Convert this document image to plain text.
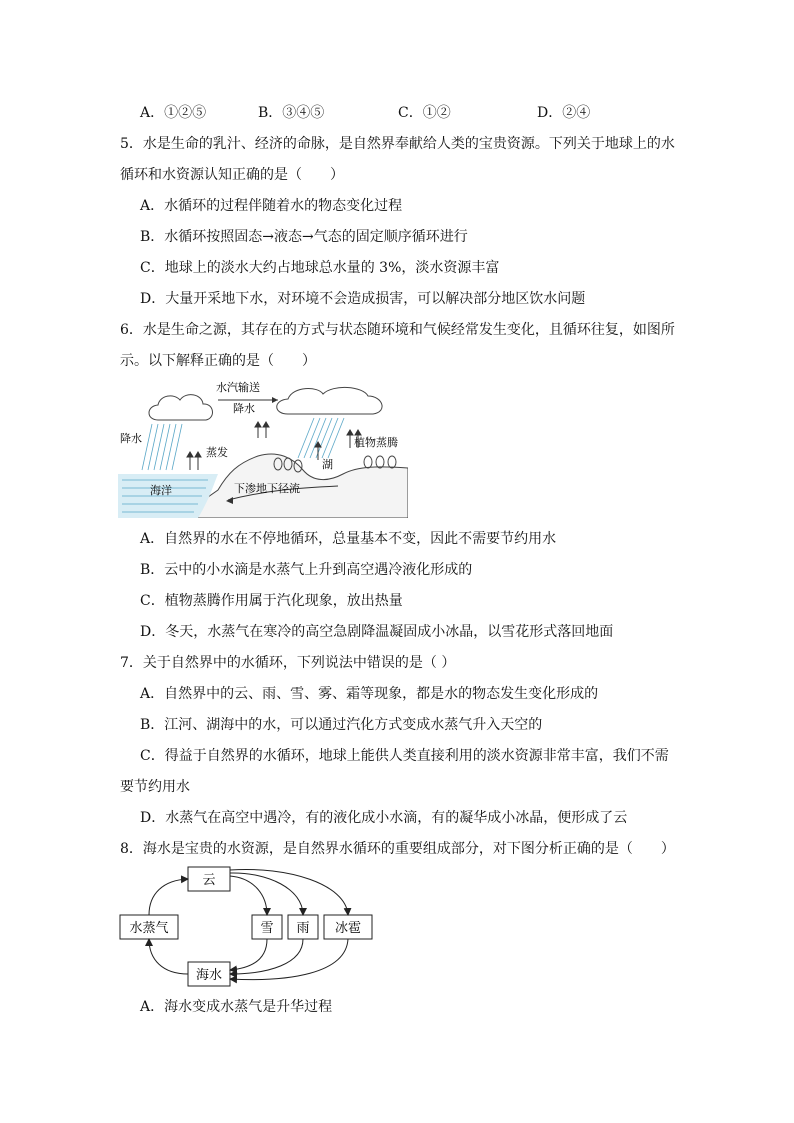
A．①②⑤	B．③④⑤	C．①②	D．②④
5．水是生命的乳汁、经济的命脉，是自然界奉献给人类的宝贵资源。下列关于地球上的水
循环和水资源认知正确的是（　　）
A．水循环的过程伴随着水的物态变化过程
B．水循环按照固态→液态→气态的固定顺序循环进行
C．地球上的淡水大约占地球总水量的 3%，淡水资源丰富
D．大量开采地下水，对环境不会造成损害，可以解决部分地区饮水问题
6．水是生命之源，其存在的方式与状态随环境和气候经常发生变化，且循环往复，如图所
示。以下解释正确的是（　　）
水汽输送
降水
降水
蒸发
湖
植物蒸腾
海洋	下渗地下径流
A．自然界的水在不停地循环，总量基本不变，因此不需要节约用水
B．云中的小水滴是水蒸气上升到高空遇冷液化形成的
C．植物蒸腾作用属于汽化现象，放出热量
D．冬天，水蒸气在寒冷的高空急剧降温凝固成小冰晶，以雪花形式落回地面
7．关于自然界中的水循环，下列说法中错误的是（ ）
A．自然界中的云、雨、雪、雾、霜等现象，都是水的物态发生变化形成的
B．江河、湖海中的水，可以通过汽化方式变成水蒸气升入天空的
C．得益于自然界的水循环，地球上能供人类直接利用的淡水资源非常丰富，我们不需
要节约用水
D．水蒸气在高空中遇冷，有的液化成小水滴，有的凝华成小冰晶，便形成了云
8．海水是宝贵的水资源，是自然界水循环的重要组成部分，对下图分析正确的是（　　）
云
水蒸气	雪 雨 冰雹
海水
A．海水变成水蒸气是升华过程
